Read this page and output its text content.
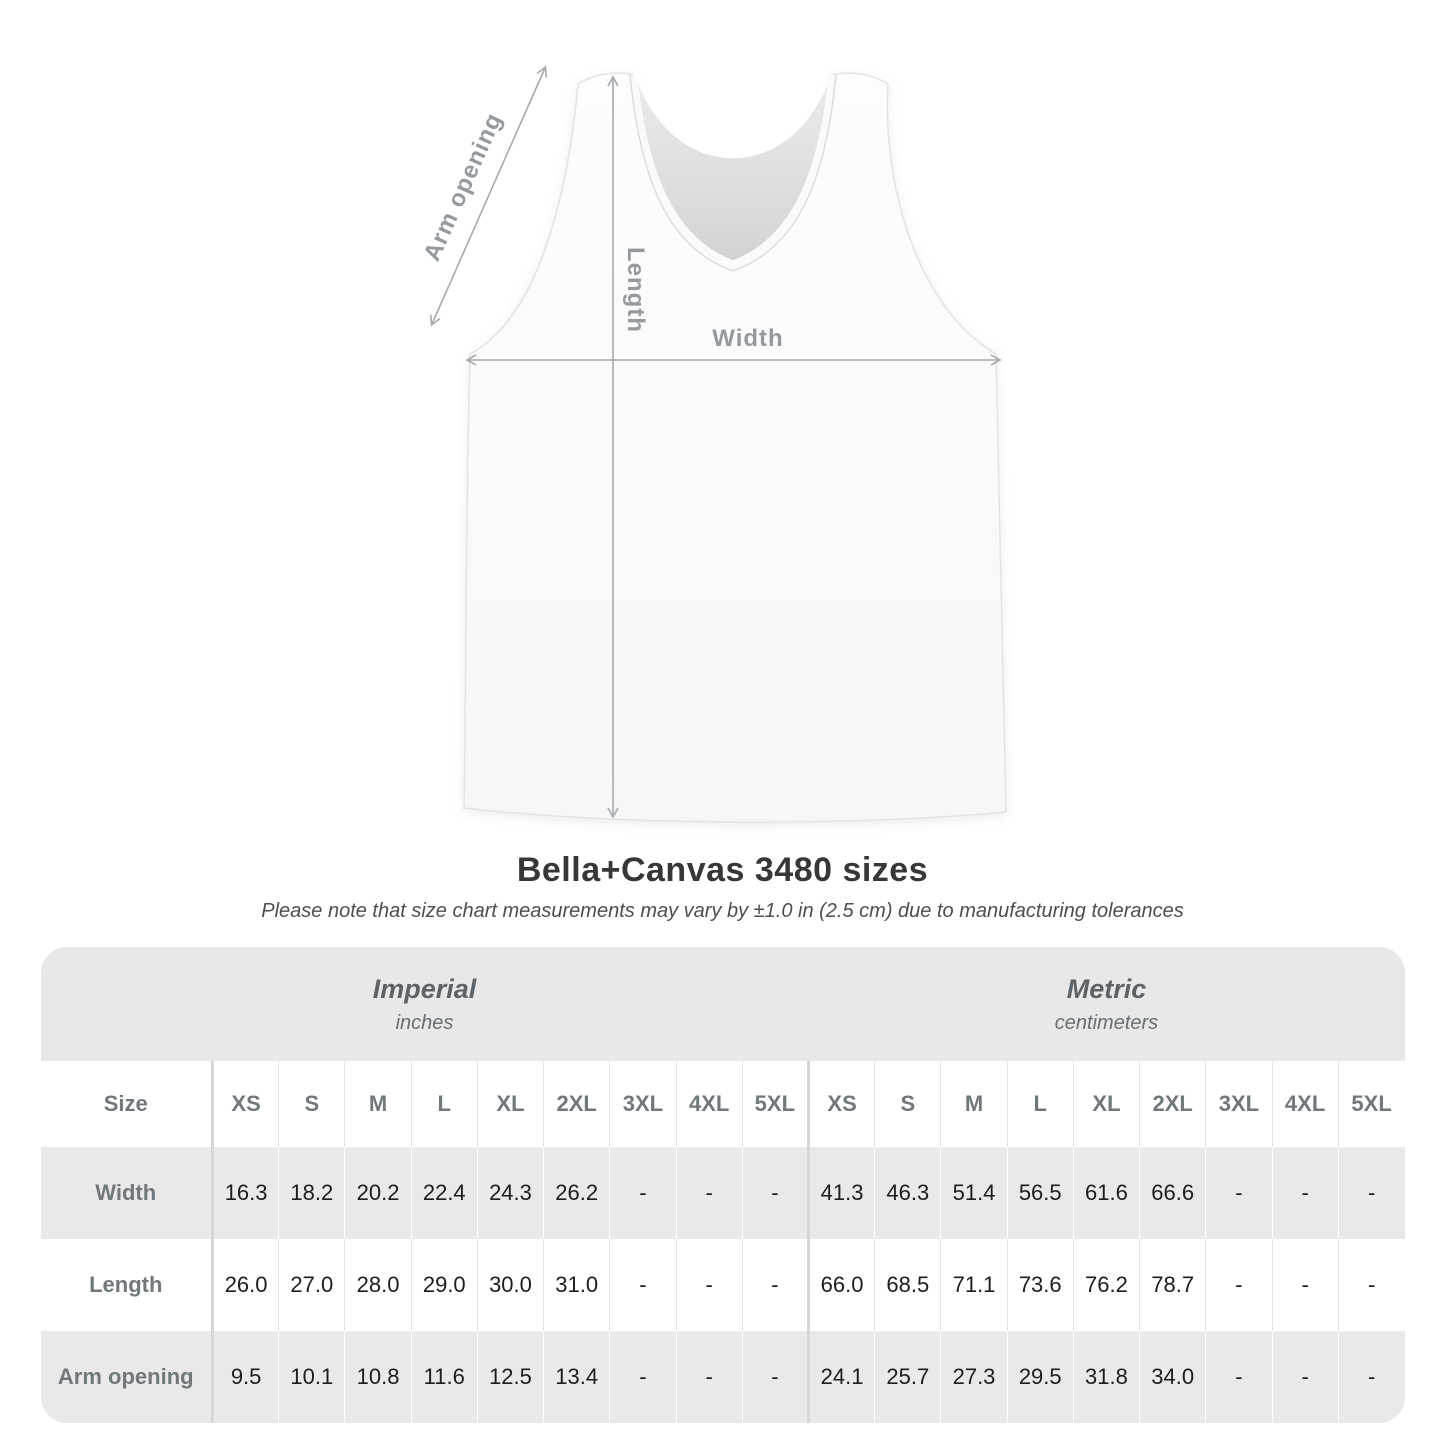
Width
Length
Arm opening
Bella+Canvas 3480 sizes
Please note that size chart measurements may vary by ±1.0 in (2.5 cm) due to manufacturing tolerances
Imperial
inches

Metric
centimeters

Size	XS	S	M	L	XL	2XL	3XL	4XL	5XL	XS	S	M	L	XL	2XL	3XL	4XL	5XL
Width	16.3	18.2	20.2	22.4	24.3	26.2	-	-	-	41.3	46.3	51.4	56.5	61.6	66.6	-	-	-
Length	26.0	27.0	28.0	29.0	30.0	31.0	-	-	-	66.0	68.5	71.1	73.6	76.2	78.7	-	-	-
Arm opening	9.5	10.1	10.8	11.6	12.5	13.4	-	-	-	24.1	25.7	27.3	29.5	31.8	34.0	-	-	-
